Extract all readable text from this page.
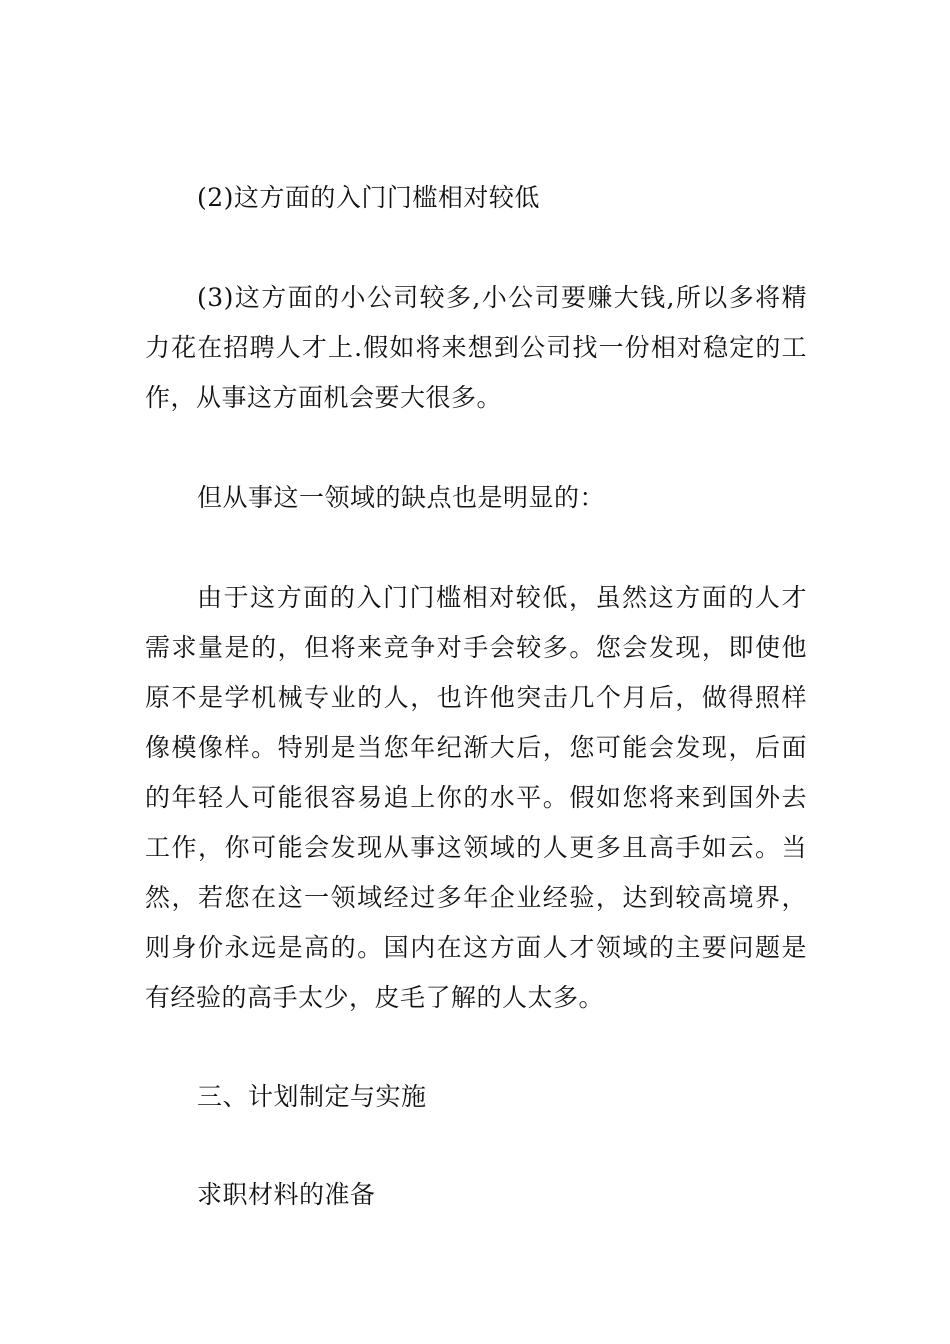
(2)这方面的入门门槛相对较低

(3)这方面的小公司较多,小公司要赚大钱,所以多将精力花在招聘人才上.假如将来想到公司找一份相对稳定的工作，从事这方面机会要大很多。

但从事这一领域的缺点也是明显的：

由于这方面的入门门槛相对较低，虽然这方面的人才需求量是的，但将来竞争对手会较多。您会发现，即使他原不是学机械专业的人，也许他突击几个月后，做得照样像模像样。特别是当您年纪渐大后，您可能会发现，后面的年轻人可能很容易追上你的水平。假如您将来到国外去工作，你可能会发现从事这领域的人更多且高手如云。当然，若您在这一领域经过多年企业经验，达到较高境界，则身价永远是高的。国内在这方面人才领域的主要问题是有经验的高手太少，皮毛了解的人太多。

三、计划制定与实施

求职材料的准备
